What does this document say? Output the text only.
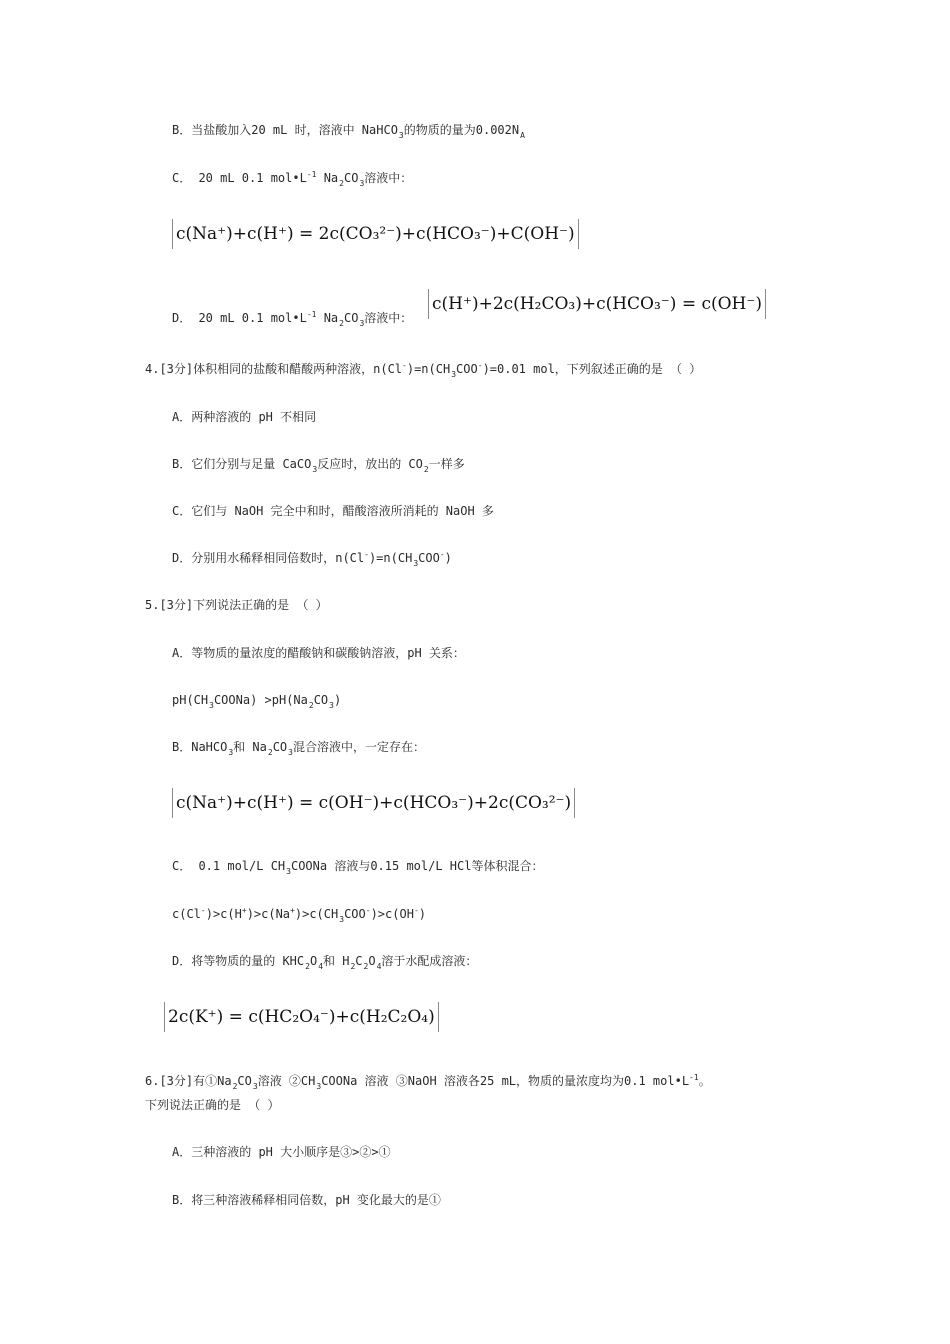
B．当盐酸加入20 mL 时，溶液中 NaHCO$_3$的物质的量为$0.002N_A$
C． 20 mL 0.1 $mol•L^{-1}$ $Na_2CO_3$溶液中：
c(Na⁺)+c(H⁺) = 2c(CO₃²⁻)+c(HCO₃⁻)+C(OH⁻)
D． 20 mL 0.1 $mol•L^{-1}$ $Na_2CO_3$溶液中：
c(H⁺)+2c(H₂CO₃)+c(HCO₃⁻) = c(OH⁻)
4.[3分]体积相同的盐酸和醋酸两种溶液，$n(Cl^-)=n(CH_3COO^-)=0.01$ mol，下列叙述正确的是 （ ）
A．两种溶液的 pH 不相同
B．它们分别与足量 CaCO$_3$反应时，放出的 $CO_2$一样多
C．它们与 NaOH 完全中和时，醋酸溶液所消耗的 NaOH 多
D．分别用水稀释相同倍数时，$n(Cl^-)=n(CH_3COO^-)$
5.[3分]下列说法正确的是 （ ）
A．等物质的量浓度的醋酸钠和碳酸钠溶液，pH 关系：
$pH(CH_3COONa) >pH(Na_2CO_3)$
B．NaHCO$_3$和 $Na_2CO_3$混合溶液中，一定存在：
c(Na⁺)+c(H⁺) = c(OH⁻)+c(HCO₃⁻)+2c(CO₃²⁻)
C． 0.1 mol/L $CH_3COONa$ 溶液与0.15 mol/L HCl等体积混合：
$c(Cl^-)>c(H^+)>c(Na^+)>c(CH_3COO^-)>c(OH^-)$
D．将等物质的量的 $KHC_2O_4$和 $H_2C_2O_4$溶于水配成溶液：
2c(K⁺) = c(HC₂O₄⁻)+c(H₂C₂O₄)
6.[3分]有$①Na_2CO_3$溶液 $②CH_3COONa$ 溶液 ③NaOH 溶液各25 mL，物质的量浓度均为0.1 $mol•L^{-1}$。
下列说法正确的是 （ ）
A．三种溶液的 pH 大小顺序是③>②>①
B．将三种溶液稀释相同倍数，pH 变化最大的是①
